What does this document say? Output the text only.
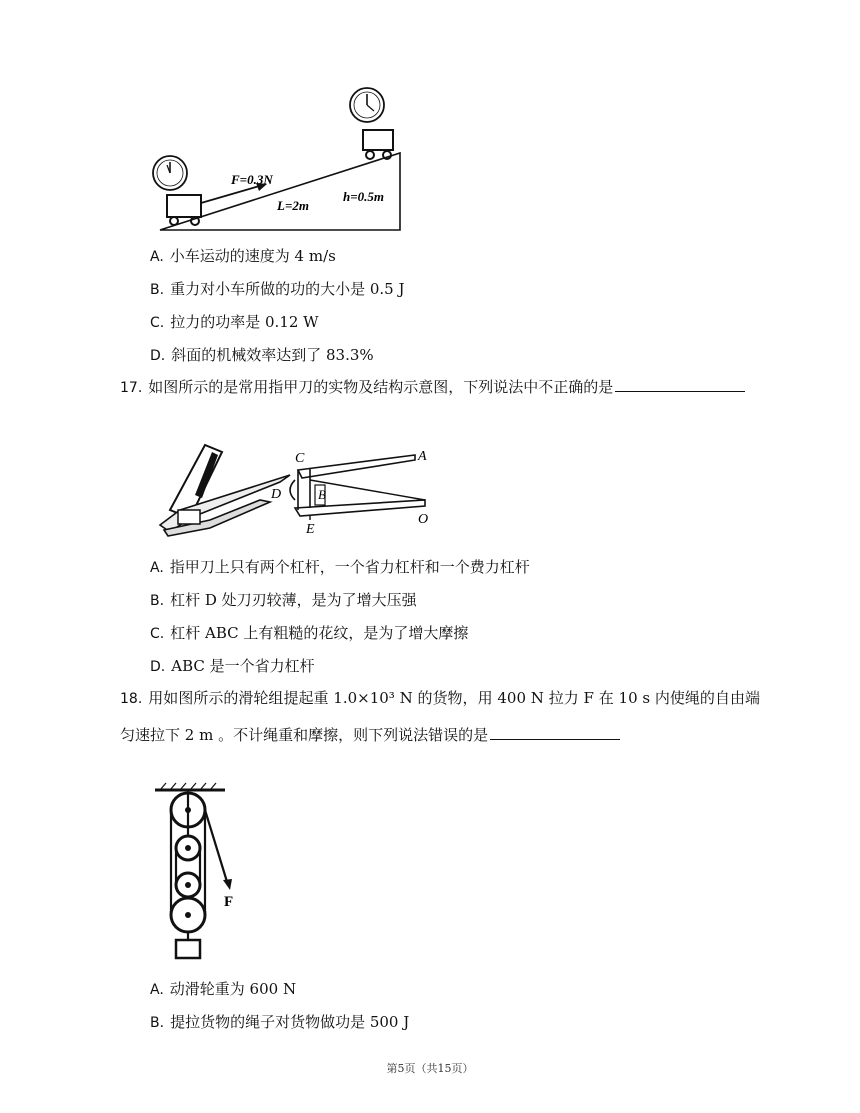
F=0.3N
L=2m
h=0.5m
A. 小车运动的速度为 4 m/s
B. 重力对小车所做的功的大小是 0.5 J
C. 拉力的功率是 0.12 W
D. 斜面的机械效率达到了 83.3%
17. 如图所示的是常用指甲刀的实物及结构示意图，下列说法中不正确的是
C	A
D	B
E
O
A. 指甲刀上只有两个杠杆，一个省力杠杆和一个费力杠杆
B. 杠杆 D 处刀刃较薄，是为了增大压强
C. 杠杆 ABC 上有粗糙的花纹，是为了增大摩擦
D. ABC 是一个省力杠杆
18. 用如图所示的滑轮组提起重 1.0×10³ N 的货物，用 400 N 拉力 F 在 10 s 内使绳的自由端匀速拉下 2 m 。不计绳重和摩擦，则下列说法错误的是
F
A. 动滑轮重为 600 N
B. 提拉货物的绳子对货物做功是 500 J
第5页（共15页）
